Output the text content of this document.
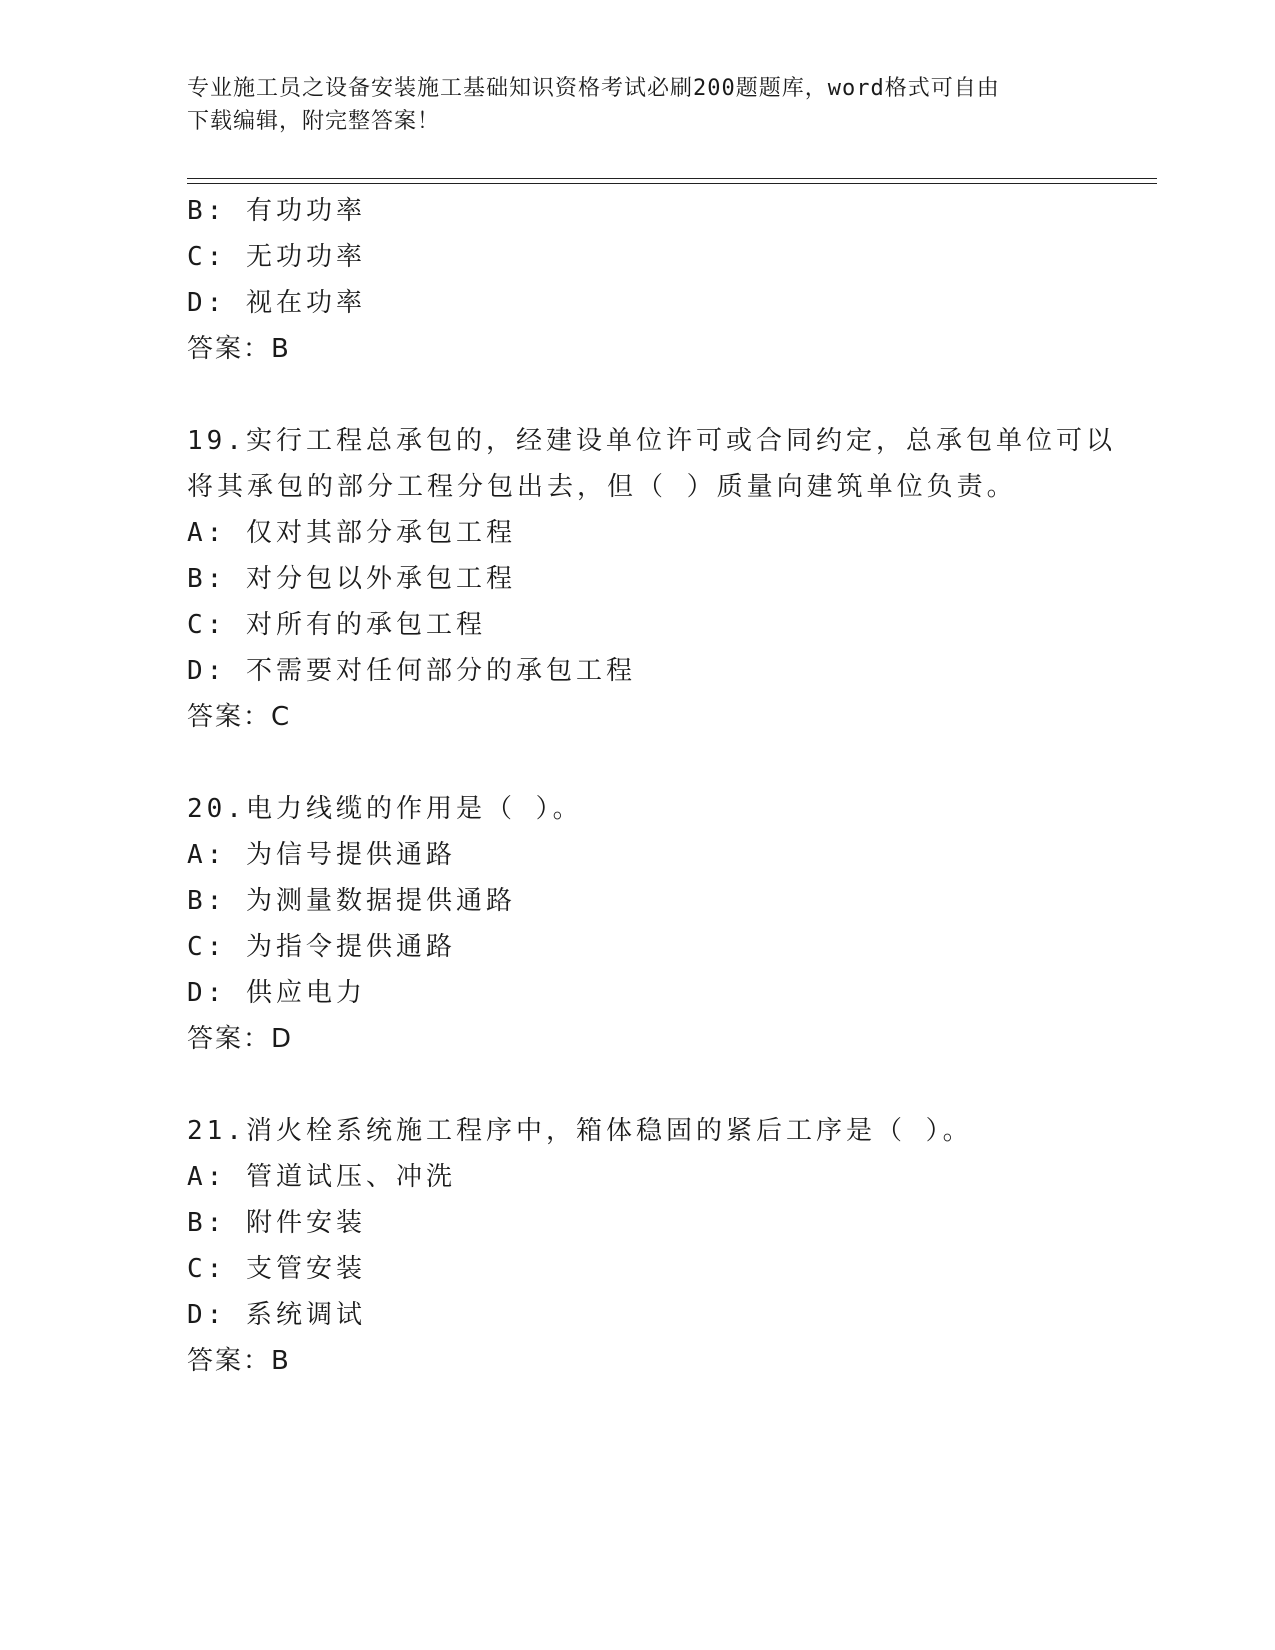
专业施工员之设备安装施工基础知识资格考试必刷200题题库，word格式可自由
下载编辑，附完整答案！
B: 有功功率
C: 无功功率
D: 视在功率
答案：B
19.实行工程总承包的，经建设单位许可或合同约定，总承包单位可以
将其承包的部分工程分包出去，但（ ）质量向建筑单位负责。
A: 仅对其部分承包工程
B: 对分包以外承包工程
C: 对所有的承包工程
D: 不需要对任何部分的承包工程
答案：C
20.电力线缆的作用是（ ）。
A: 为信号提供通路
B: 为测量数据提供通路
C: 为指令提供通路
D: 供应电力
答案：D
21.消火栓系统施工程序中，箱体稳固的紧后工序是（ ）。
A: 管道试压、冲洗
B: 附件安装
C: 支管安装
D: 系统调试
答案：B
